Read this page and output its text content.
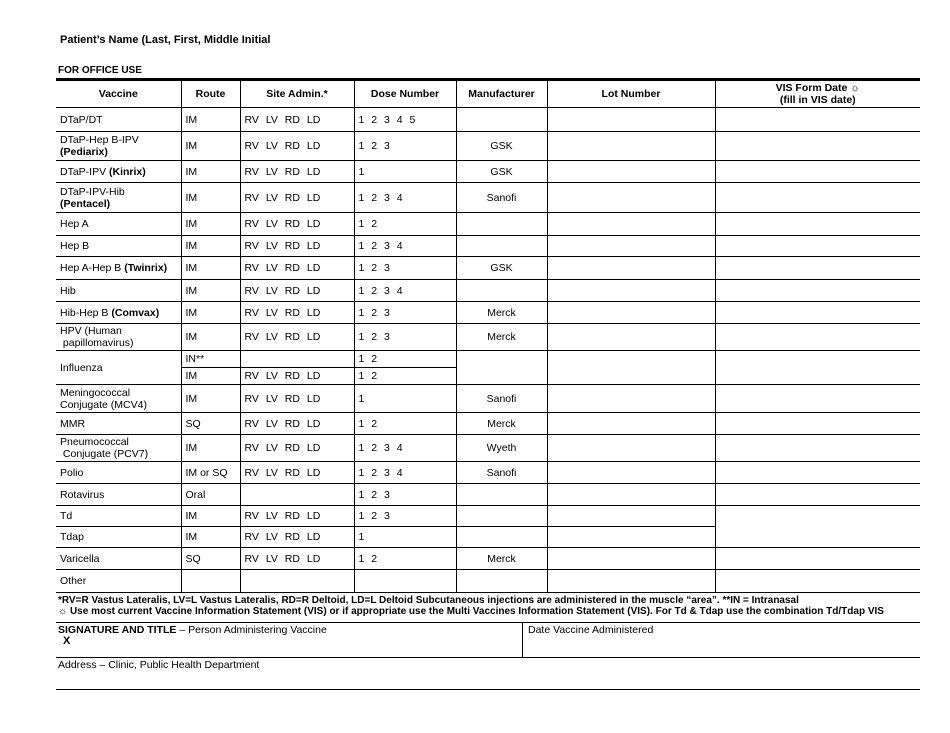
Patient’s Name (Last, First, Middle Initial
FOR OFFICE USE
Vaccine	Route	Site Admin.*	Dose Number	Manufacturer	Lot Number	VIS Form Date ☼
(fill in VIS date)
DTaP/DT	IM	RV LV RD LD	1 2 3 4 5			
DTaP-Hep B-IPV
(Pediarix)	IM	RV LV RD LD	1 2 3	GSK		
DTaP-IPV (Kinrix)	IM	RV LV RD LD	1	GSK		
DTaP-IPV-Hib
(Pentacel)	IM	RV LV RD LD	1 2 3 4	Sanofi		
Hep A	IM	RV LV RD LD	1 2			
Hep B	IM	RV LV RD LD	1 2 3 4			
Hep A-Hep B (Twinrix)	IM	RV LV RD LD	1 2 3	GSK		
Hib	IM	RV LV RD LD	1 2 3 4			
Hib-Hep B (Comvax)	IM	RV LV RD LD	1 2 3	Merck		
HPV (Human
papillomavirus)	IM	RV LV RD LD	1 2 3	Merck		
Influenza	IN**		1 2			
	IM	RV LV RD LD	1 2			
Meningococcal
Conjugate (MCV4)	IM	RV LV RD LD	1	Sanofi		
MMR	SQ	RV LV RD LD	1 2	Merck		
Pneumococcal
Conjugate (PCV7)	IM	RV LV RD LD	1 2 3 4	Wyeth		
Polio	IM or SQ	RV LV RD LD	1 2 3 4	Sanofi		
Rotavirus	Oral		1 2 3			
Td	IM	RV LV RD LD	1 2 3			
Tdap	IM	RV LV RD LD	1			
Varicella	SQ	RV LV RD LD	1 2	Merck		
Other						
*RV=R Vastus Lateralis, LV=L Vastus Lateralis, RD=R Deltoid, LD=L Deltoid Subcutaneous injections are administered in the muscle “area”. **IN = Intranasal
☼ Use most current Vaccine Information Statement (VIS) or if appropriate use the Multi Vaccines Information Statement (VIS). For Td & Tdap use the combination Td/Tdap VIS
SIGNATURE AND TITLE – Person Administering Vaccine
X
Date Vaccine Administered
Address – Clinic, Public Health Department
